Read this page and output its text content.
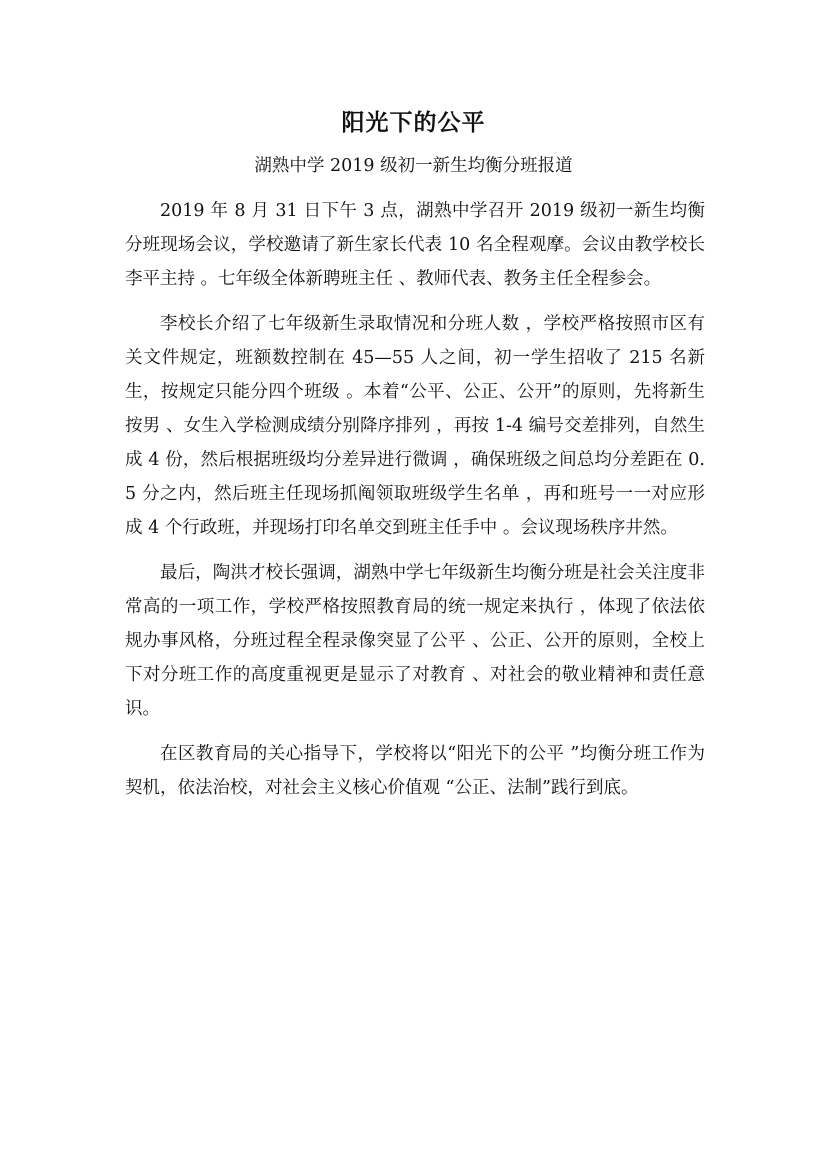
阳光下的公平

湖熟中学 2019 级初一新生均衡分班报道

2019 年 8 月 31 日下午 3 点，湖熟中学召开 2019 级初一新生均衡分班现场会议，学校邀请了新生家长代表 10 名全程观摩。会议由教学校长李平主持 。七年级全体新聘班主任 、教师代表、教务主任全程参会。

李校长介绍了七年级新生录取情况和分班人数 ，学校严格按照市区有关文件规定，班额数控制在 45—55 人之间，初一学生招收了 215 名新生，按规定只能分四个班级 。本着“公平、公正、公开”的原则，先将新生按男 、女生入学检测成绩分别降序排列 ，再按 1-4 编号交差排列，自然生成 4 份，然后根据班级均分差异进行微调 ，确保班级之间总均分差距在 0.5 分之内，然后班主任现场抓阄领取班级学生名单 ，再和班号一一对应形成 4 个行政班，并现场打印名单交到班主任手中 。会议现场秩序井然。

最后，陶洪才校长强调，湖熟中学七年级新生均衡分班是社会关注度非常高的一项工作，学校严格按照教育局的统一规定来执行 ，体现了依法依规办事风格，分班过程全程录像突显了公平 、公正、公开的原则，全校上下对分班工作的高度重视更是显示了对教育 、对社会的敬业精神和责任意识。

在区教育局的关心指导下，学校将以“阳光下的公平 ”均衡分班工作为契机，依法治校，对社会主义核心价值观 “公正、法制”践行到底。
